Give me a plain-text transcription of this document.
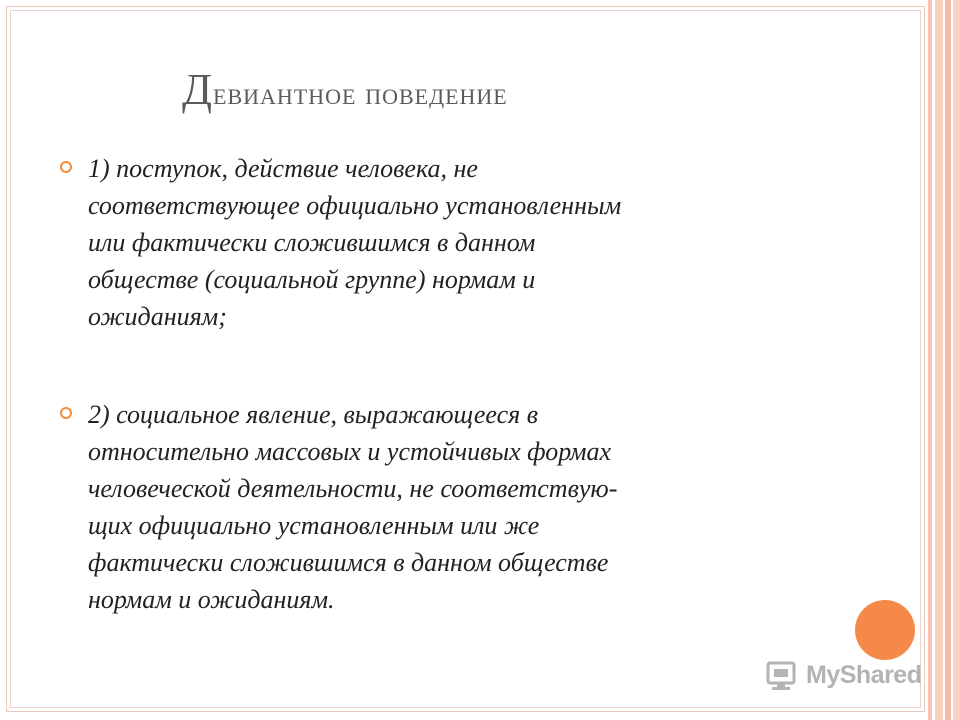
Девиантное поведение
1) поступок, действие человека, не
соответствующее официально установленным
или фактически сложившимся в данном
обществе (социальной группе) нормам и
ожиданиям;
2) социальное явление, выражающееся в
относительно массовых и устойчивых формах
человеческой деятельности, не соответствую-
щих официально установленным или же
фактически сложившимся в данном обществе
нормам и ожиданиям.
MyShared
